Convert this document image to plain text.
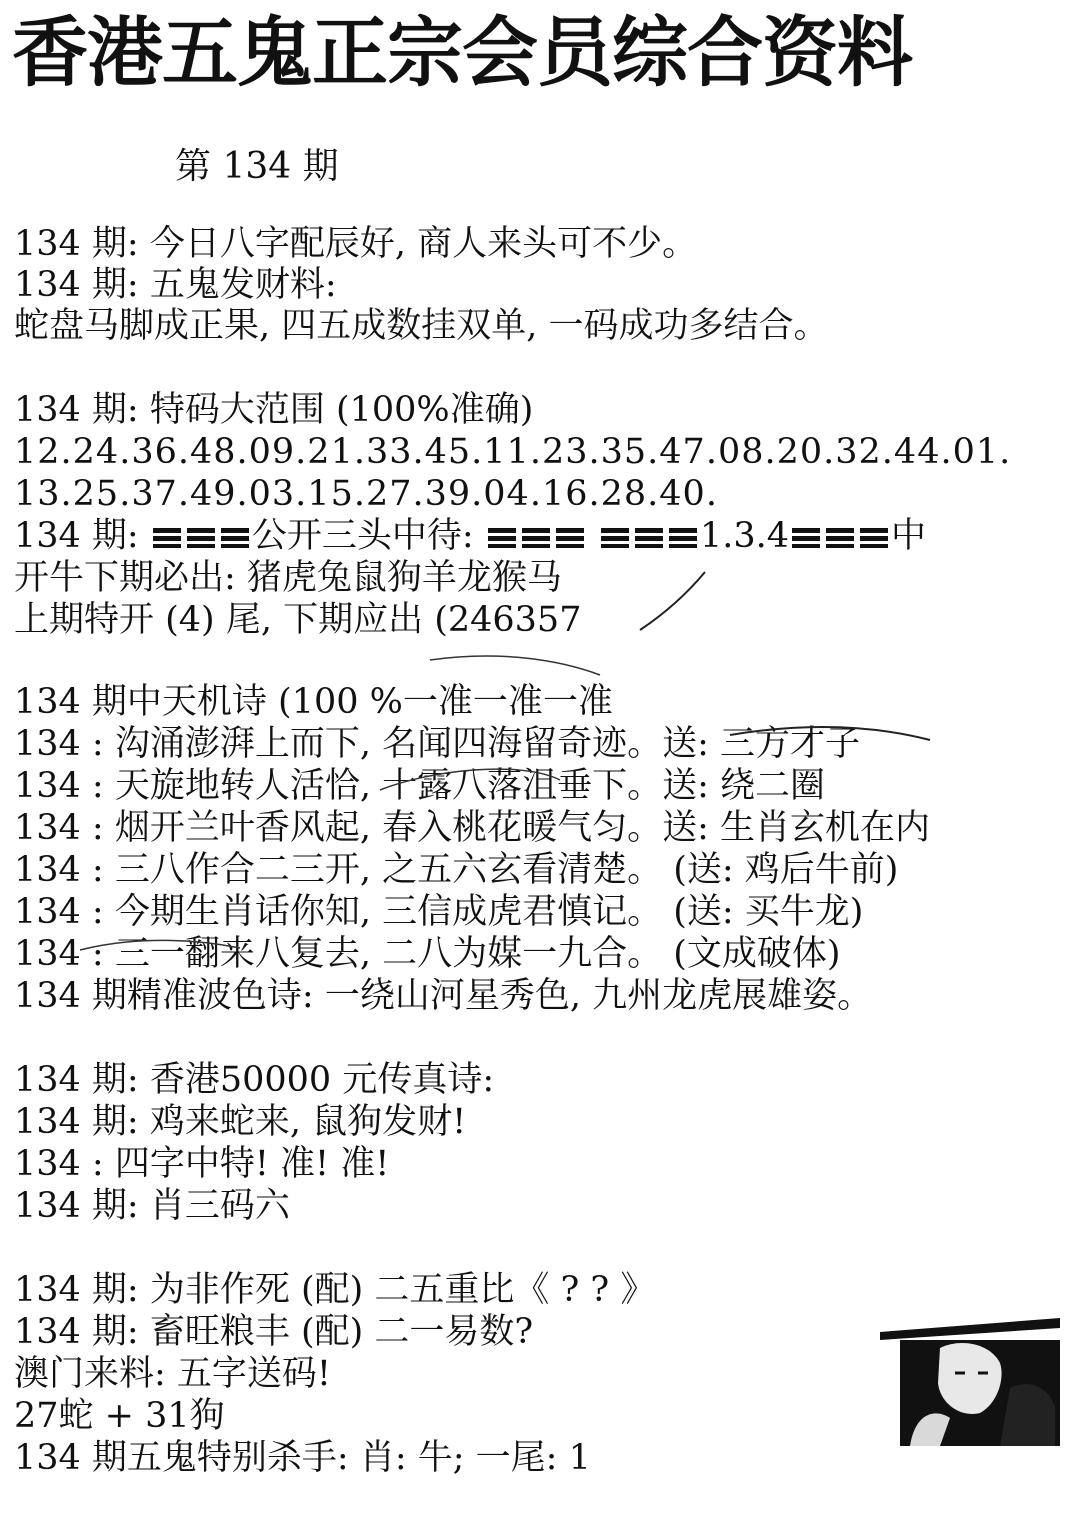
香港五鬼正宗会员综合资料
第 134 期
134 期: 今日八字配辰好, 商人来头可不少。
134 期: 五鬼发财料:
蛇盘马脚成正果, 四五成数挂双单, 一码成功多结合。
134 期: 特码大范围 (100%准确)
12.24.36.48.09.21.33.45.11.23.35.47.08.20.32.44.01.
13.25.37.49.03.15.27.39.04.16.28.40.
134 期:	公开三头中待:	1.3.4	中
开牛下期必出: 猪虎兔鼠狗羊龙猴马
上期特开 (4) 尾, 下期应出 (246357
134 期中天机诗 (100 %一准一准一准
134 : 沟涌澎湃上而下, 名闻四海留奇迹。送: 三方才子
134 : 天旋地转人活恰, 十露八落沮垂下。送: 绕二圈
134 : 烟开兰叶香风起, 春入桃花暖气匀。送: 生肖玄机在内
134 : 三八作合二三开, 之五六玄看清楚。 (送: 鸡后牛前)
134 : 今期生肖话你知, 三信成虎君慎记。 (送: 买牛龙)
134 : 三一翻来八复去, 二八为媒一九合。 (文成破体)
134 期精准波色诗: 一绕山河星秀色, 九州龙虎展雄姿。
134 期: 香港50000 元传真诗:
134 期: 鸡来蛇来, 鼠狗发财!
134 : 四字中特! 准! 准!
134 期: 肖三码六
134 期: 为非作死 (配) 二五重比《 ? ? 》
134 期: 畜旺粮丰 (配) 二一易数?
澳门来料: 五字送码!
27蛇 + 31狗
134 期五鬼特别杀手: 肖: 牛; 一尾: 1
